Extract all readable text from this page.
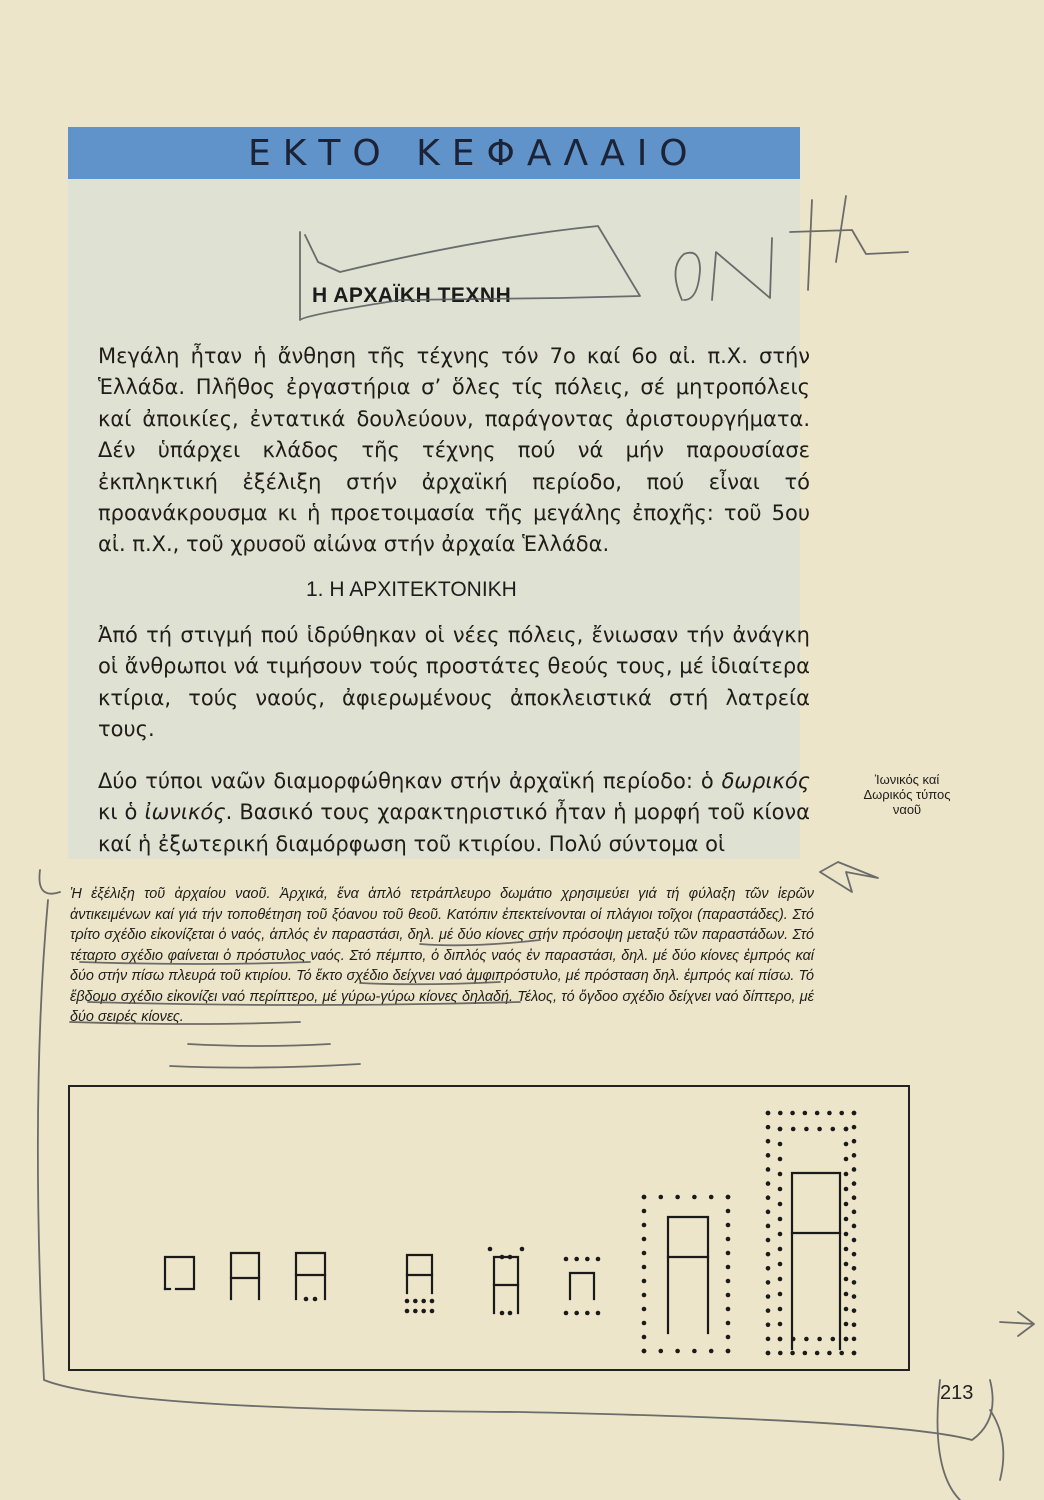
ΕΚΤΟ ΚΕΦΑΛΑΙΟ
Η ΑΡΧΑΪΚΗ ΤΕΧΝΗ

Μεγάλη ἦταν ἡ ἄνθηση τῆς τέχνης τόν 7ο καί 6ο αἰ. π.Χ. στήν Ἑλλάδα. Πλῆθος ἐργαστήρια σ’ ὅλες τίς πόλεις, σέ μητροπόλεις καί ἀποικίες, ἐντατικά δουλεύουν, παράγοντας ἀριστουργήματα. Δέν ὑπάρχει κλάδος τῆς τέχνης πού νά μήν παρουσίασε ἐκπληκτική ἐξέλιξη στήν ἀρχαϊκή περίοδο, πού εἶναι τό προανάκρουσμα κι ἡ προετοιμασία τῆς μεγάλης ἐποχῆς: τοῦ 5ου αἰ. π.Χ., τοῦ χρυσοῦ αἰώνα στήν ἀρχαία Ἑλλάδα.

1. Η ΑΡΧΙΤΕΚΤΟΝΙΚΗ

Ἀπό τή στιγμή πού ἱδρύθηκαν οἱ νέες πόλεις, ἔνιωσαν τήν ἀνάγκη οἱ ἄνθρωποι νά τιμήσουν τούς προστάτες θεούς τους, μέ ἰδιαίτερα κτίρια, τούς ναούς, ἀφιερωμένους ἀποκλειστικά στή λατρεία τους.

Δύο τύποι ναῶν διαμορφώθηκαν στήν ἀρχαϊκή περίοδο: ὁ δωρικός κι ὁ ἰωνικός. Βασικό τους χαρακτηριστικό ἦταν ἡ μορφή τοῦ κίονα καί ἡ ἐξωτερική διαμόρφωση τοῦ κτιρίου. Πολύ σύντομα οἱ

Ἰωνικός καί
Δωρικός τύπος
ναοῦ

Ἡ ἐξέλιξη τοῦ ἀρχαίου ναοῦ. Ἀρχικά, ἕνα ἁπλό τετράπλευρο δωμάτιο χρησιμεύει γιά τή φύλαξη τῶν ἱερῶν ἀντικειμένων καί γιά τήν τοποθέτηση τοῦ ξόανου τοῦ θεοῦ. Κατόπιν ἐπεκτείνονται οἱ πλάγιοι τοῖχοι (παραστάδες). Στό τρίτο σχέδιο εἰκονίζεται ὁ ναός, ἁπλός ἐν παραστάσι, δηλ. μέ δύο κίονες στήν πρόσοψη μεταξύ τῶν παραστάδων. Στό τέταρτο σχέδιο φαίνεται ὁ πρόστυλος ναός. Στό πέμπτο, ὁ διπλός ναός ἐν παραστάσι, δηλ. μέ δύο κίονες ἐμπρός καί δύο στήν πίσω πλευρά τοῦ κτιρίου. Τό ἕκτο σχέδιο δείχνει ναό ἀμφιπρόστυλο, μέ πρόσταση δηλ. ἐμπρός καί πίσω. Τό ἕβδομο σχέδιο εἰκονίζει ναό περίπτερο, μέ γύρω-γύρω κίονες δηλαδή. Τέλος, τό ὄγδοο σχέδιο δείχνει ναό δίπτερο, μέ δύο σειρές κίονες.

213
